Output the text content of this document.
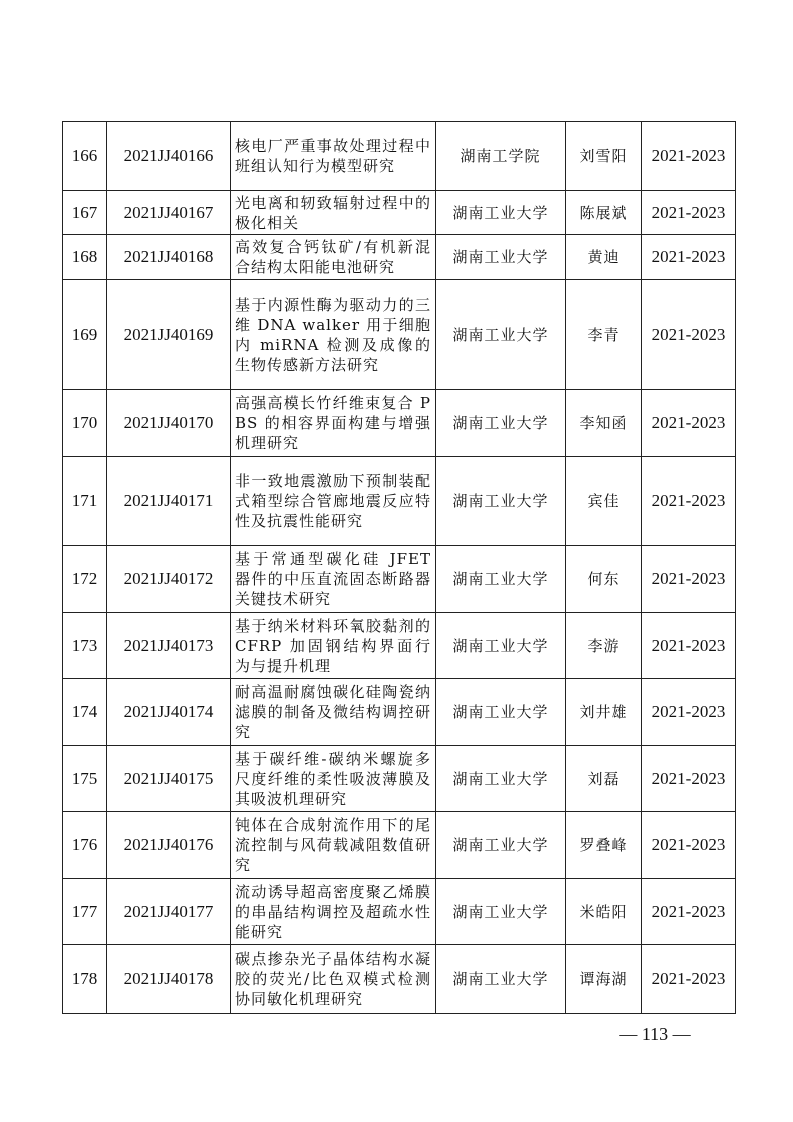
166	2021JJ40166	核电厂严重事故处理过程中班组认知行为模型研究	湖南工学院	刘雪阳	2021-2023
167	2021JJ40167	光电离和轫致辐射过程中的极化相关	湖南工业大学	陈展斌	2021-2023
168	2021JJ40168	高效复合钙钛矿/有机新混合结构太阳能电池研究	湖南工业大学	黄迪	2021-2023
169	2021JJ40169	基于内源性酶为驱动力的三维 DNA walker 用于细胞内 miRNA 检测及成像的生物传感新方法研究	湖南工业大学	李青	2021-2023
170	2021JJ40170	高强高模长竹纤维束复合 PBS 的相容界面构建与增强机理研究	湖南工业大学	李知函	2021-2023
171	2021JJ40171	非一致地震激励下预制装配式箱型综合管廊地震反应特性及抗震性能研究	湖南工业大学	宾佳	2021-2023
172	2021JJ40172	基于常通型碳化硅 JFET 器件的中压直流固态断路器关键技术研究	湖南工业大学	何东	2021-2023
173	2021JJ40173	基于纳米材料环氧胶黏剂的 CFRP 加固钢结构界面行为与提升机理	湖南工业大学	李游	2021-2023
174	2021JJ40174	耐高温耐腐蚀碳化硅陶瓷纳滤膜的制备及微结构调控研究	湖南工业大学	刘井雄	2021-2023
175	2021JJ40175	基于碳纤维-碳纳米螺旋多尺度纤维的柔性吸波薄膜及其吸波机理研究	湖南工业大学	刘磊	2021-2023
176	2021JJ40176	钝体在合成射流作用下的尾流控制与风荷载减阻数值研究	湖南工业大学	罗叠峰	2021-2023
177	2021JJ40177	流动诱导超高密度聚乙烯膜的串晶结构调控及超疏水性能研究	湖南工业大学	米皓阳	2021-2023
178	2021JJ40178	碳点掺杂光子晶体结构水凝胶的荧光/比色双模式检测协同敏化机理研究	湖南工业大学	谭海湖	2021-2023
— 113 —
